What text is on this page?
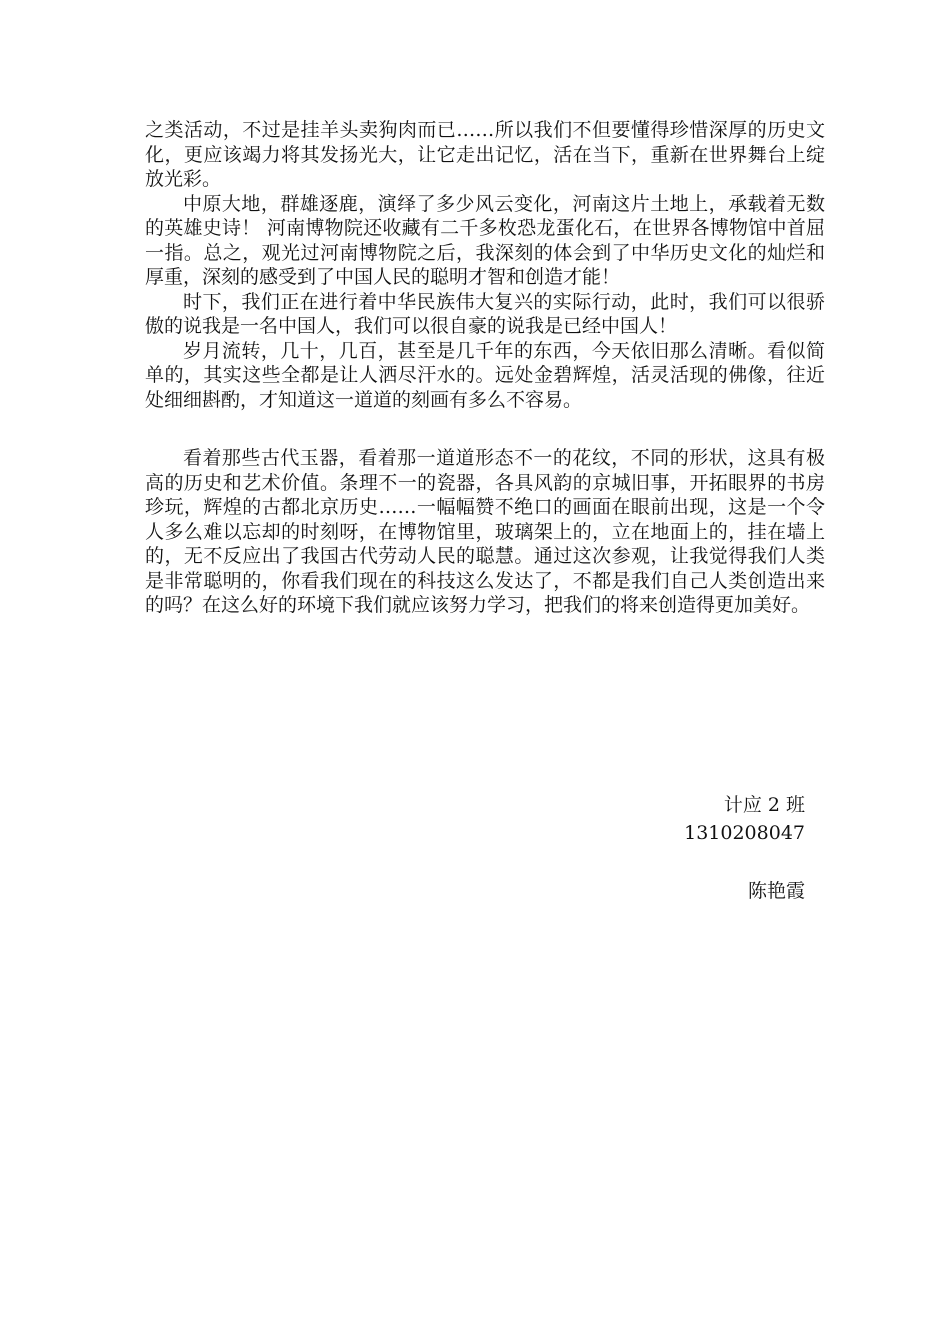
之类活动，不过是挂羊头卖狗肉而已……所以我们不但要懂得珍惜深厚的历史文化，更应该竭力将其发扬光大，让它走出记忆，活在当下，重新在世界舞台上绽放光彩。

中原大地，群雄逐鹿，演绎了多少风云变化，河南这片土地上，承载着无数的英雄史诗！ 河南博物院还收藏有二千多枚恐龙蛋化石，在世界各博物馆中首屈一指。总之，观光过河南博物院之后，我深刻的体会到了中华历史文化的灿烂和厚重，深刻的感受到了中国人民的聪明才智和创造才能！

时下，我们正在进行着中华民族伟大复兴的实际行动，此时，我们可以很骄傲的说我是一名中国人，我们可以很自豪的说我是已经中国人！

岁月流转，几十，几百，甚至是几千年的东西，今天依旧那么清晰。看似简单的，其实这些全都是让人洒尽汗水的。远处金碧辉煌，活灵活现的佛像，往近处细细斟酌，才知道这一道道的刻画有多么不容易。

看着那些古代玉器，看着那一道道形态不一的花纹，不同的形状，这具有极高的历史和艺术价值。条理不一的瓷器，各具风韵的京城旧事，开拓眼界的书房珍玩，辉煌的古都北京历史……一幅幅赞不绝口的画面在眼前出现，这是一个令人多么难以忘却的时刻呀，在博物馆里，玻璃架上的，立在地面上的，挂在墙上的，无不反应出了我国古代劳动人民的聪慧。通过这次参观，让我觉得我们人类是非常聪明的，你看我们现在的科技这么发达了，不都是我们自己人类创造出来的吗？在这么好的环境下我们就应该努力学习，把我们的将来创造得更加美好。

计应 2 班
1310208047
陈艳霞
